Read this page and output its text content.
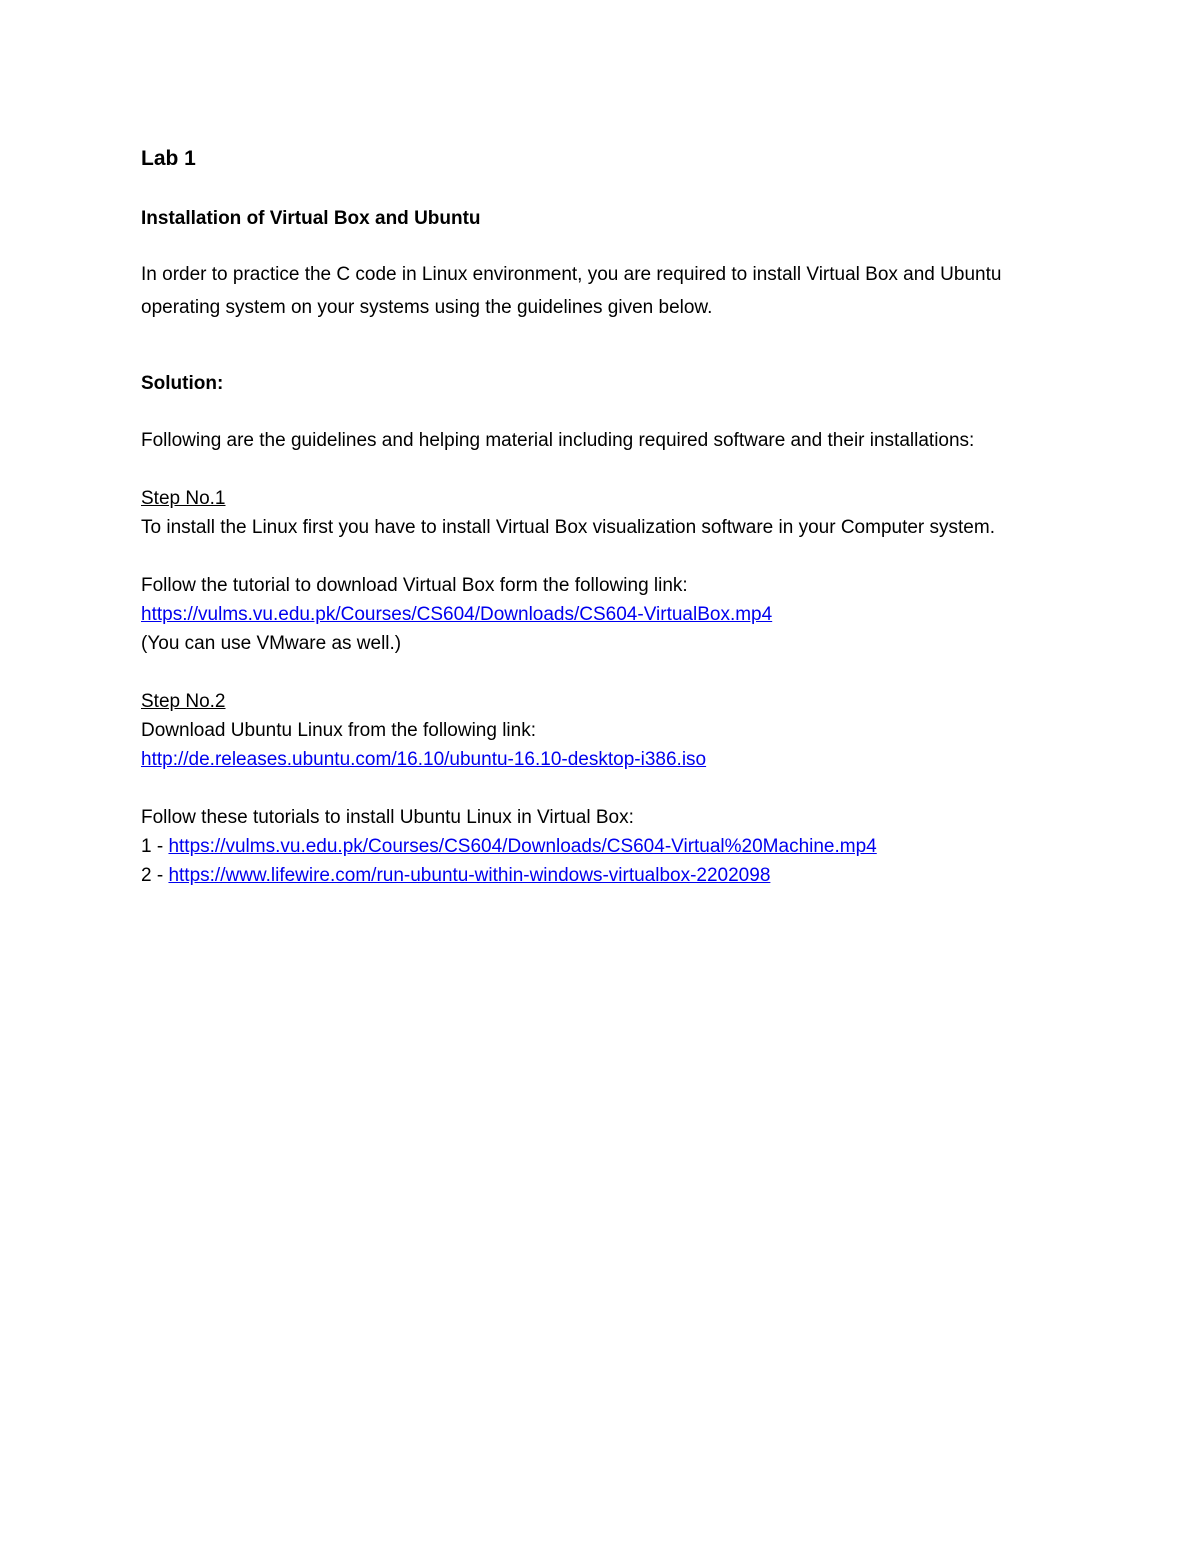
Lab 1
Installation of Virtual Box and Ubuntu

In order to practice the C code in Linux environment, you are required to install Virtual Box and Ubuntu operating system on your systems using the guidelines given below.

Solution:

Following are the guidelines and helping material including required software and their installations:

Step No.1
To install the Linux first you have to install Virtual Box visualization software in your Computer system.
Follow the tutorial to download Virtual Box form the following link:
https://vulms.vu.edu.pk/Courses/CS604/Downloads/CS604-VirtualBox.mp4
(You can use VMware as well.)
Step No.2
Download Ubuntu Linux from the following link:
http://de.releases.ubuntu.com/16.10/ubuntu-16.10-desktop-i386.iso
Follow these tutorials to install Ubuntu Linux in Virtual Box:
1 - https://vulms.vu.edu.pk/Courses/CS604/Downloads/CS604-Virtual%20Machine.mp4
2 - https://www.lifewire.com/run-ubuntu-within-windows-virtualbox-2202098
